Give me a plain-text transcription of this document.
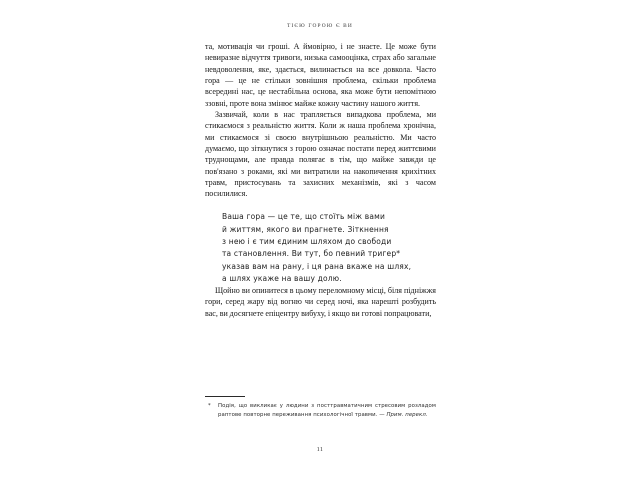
ТІЄЮ ГОРОЮ Є ВИ

та, мотивація чи гроші. А ймовірно, і не знаєте. Це може бути невиразне відчуття тривоги, низька самооцінка, страх або загальне невдоволення, яке, здається, вилинається на все довкола. Часто гора — це не стільки зовнішня проблема, скільки проблема всередині нас, це нестабільна основа, яка може бути непомітною ззовні, проте вона змінює майже кожну частину нашого життя.

Зазвичай, коли в нас трапляється випадкова проблема, ми стикаємося з реальністю життя. Коли ж наша проблема хронічна, ми стикаємося зі своєю внутрішньою реальністю. Ми часто думаємо, що зіткнутися з горою означає постати перед життєвими труднощами, але правда полягає в тім, що майже завжди це пов'язано з роками, які ми витратили на накопичення крихітних травм, пристосувань та захисних механізмів, які з часом посилилися.

Ваша гора — це те, що стоїть між вами

й життям, якого ви прагнете. Зіткнення

з нею і є тим єдиним шляхом до свободи

та становлення. Ви тут, бо певний тригер*

указав вам на рану, і ця рана вкаже на шлях,

а шлях укаже на вашу долю.

Щойно ви опинитеся в цьому переломному місці, біля підніжжя гори, серед жару від вогню чи серед ночі, яка нарешті розбудить вас, ви досягнете епіцентру вибуху, і якщо ви готові попрацювати,

*	Подія, що викликає у людини з посттравматичним стресовим розладом раптове повторне переживання психологічної травми. — Прим. перекл.
11
